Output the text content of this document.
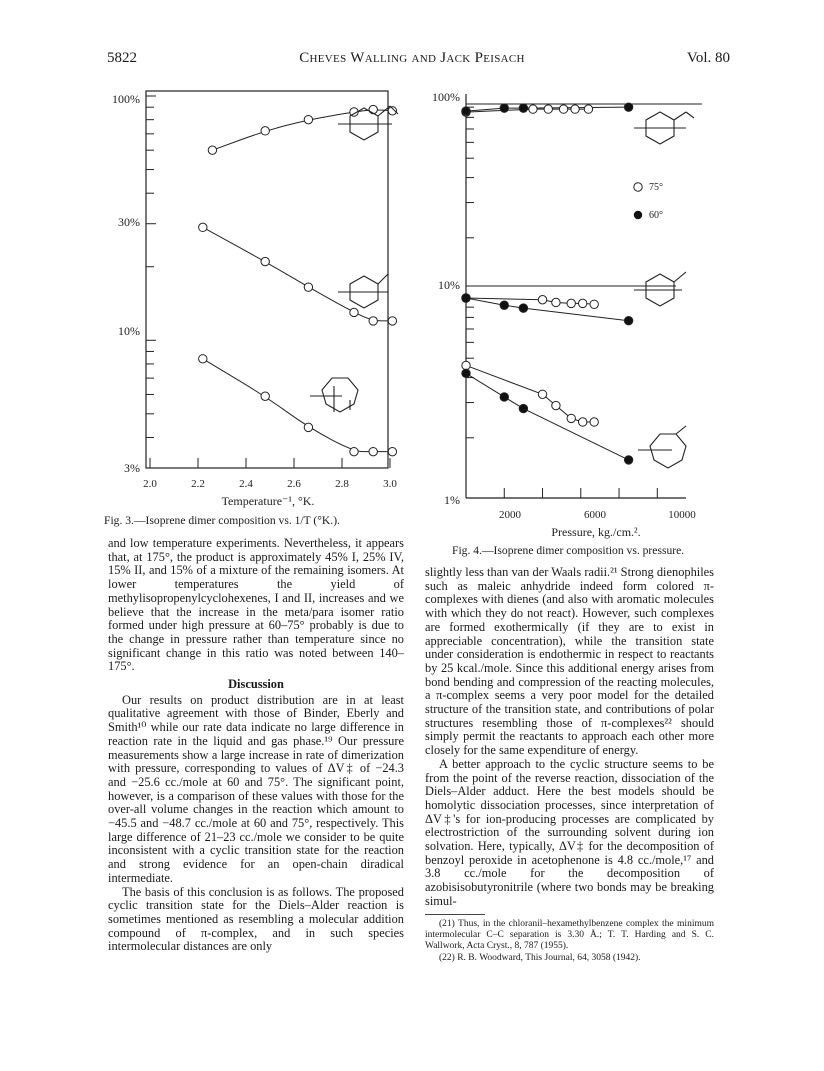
5822	Cheves Walling and Jack Peisach	Vol. 80
100%
30%
10%
3%
2.0	2.2	2.4	2.6	2.8	3.0
Temperature⁻¹, °K.
Fig. 3.—Isoprene dimer composition vs. 1/T (°K.).
100%
10%
1%
2000	6000	10000
Pressure, kg./cm.².
75°
60°
Fig. 4.—Isoprene dimer composition vs. pressure.

and low temperature experiments. Nevertheless, it appears that, at 175°, the product is approximately 45% I, 25% IV, 15% II, and 15% of a mixture of the remaining isomers. At lower temperatures the yield of methylisopropenylcyclohexenes, I and II, increases and we believe that the increase in the meta/para isomer ratio formed under high pressure at 60–75° probably is due to the change in pressure rather than temperature since no significant change in this ratio was noted between 140–175°.

Discussion

Our results on product distribution are in at least qualitative agreement with those of Binder, Eberly and Smith¹⁰ while our rate data indicate no large difference in reaction rate in the liquid and gas phase.¹⁹ Our pressure measurements show a large increase in rate of dimerization with pressure, corresponding to values of ΔV‡ of −24.3 and −25.6 cc./mole at 60 and 75°. The significant point, however, is a comparison of these values with those for the over-all volume changes in the reaction which amount to −45.5 and −48.7 cc./mole at 60 and 75°, respectively. This large difference of 21–23 cc./mole we consider to be quite inconsistent with a cyclic transition state for the reaction and strong evidence for an open-chain diradical intermediate.

The basis of this conclusion is as follows. The proposed cyclic transition state for the Diels–Alder reaction is sometimes mentioned as resembling a molecular addition compound of π-complex, and in such species intermolecular distances are only

slightly less than van der Waals radii.²¹ Strong dienophiles such as maleic anhydride indeed form colored π-complexes with dienes (and also with aromatic molecules with which they do not react). However, such complexes are formed exothermically (if they are to exist in appreciable concentration), while the transition state under consideration is endothermic in respect to reactants by 25 kcal./mole. Since this additional energy arises from bond bending and compression of the reacting molecules, a π-complex seems a very poor model for the detailed structure of the transition state, and contributions of polar structures resembling those of π-complexes²² should simply permit the reactants to approach each other more closely for the same expenditure of energy.

A better approach to the cyclic structure seems to be from the point of the reverse reaction, dissociation of the Diels–Alder adduct. Here the best models should be homolytic dissociation processes, since interpretation of ΔV‡'s for ion-producing processes are complicated by electrostriction of the surrounding solvent during ion solvation. Here, typically, ΔV‡ for the decomposition of benzoyl peroxide in acetophenone is 4.8 cc./mole,¹⁷ and 3.8 cc./mole for the decomposition of azobisisobutyronitrile (where two bonds may be breaking simul-

(21) Thus, in the chloranil–hexamethylbenzene complex the minimum intermolecular C–C separation is 3.30 Å.; T. T. Harding and S. C. Wallwork, Acta Cryst., 8, 787 (1955).

(22) R. B. Woodward, This Journal, 64, 3058 (1942).
